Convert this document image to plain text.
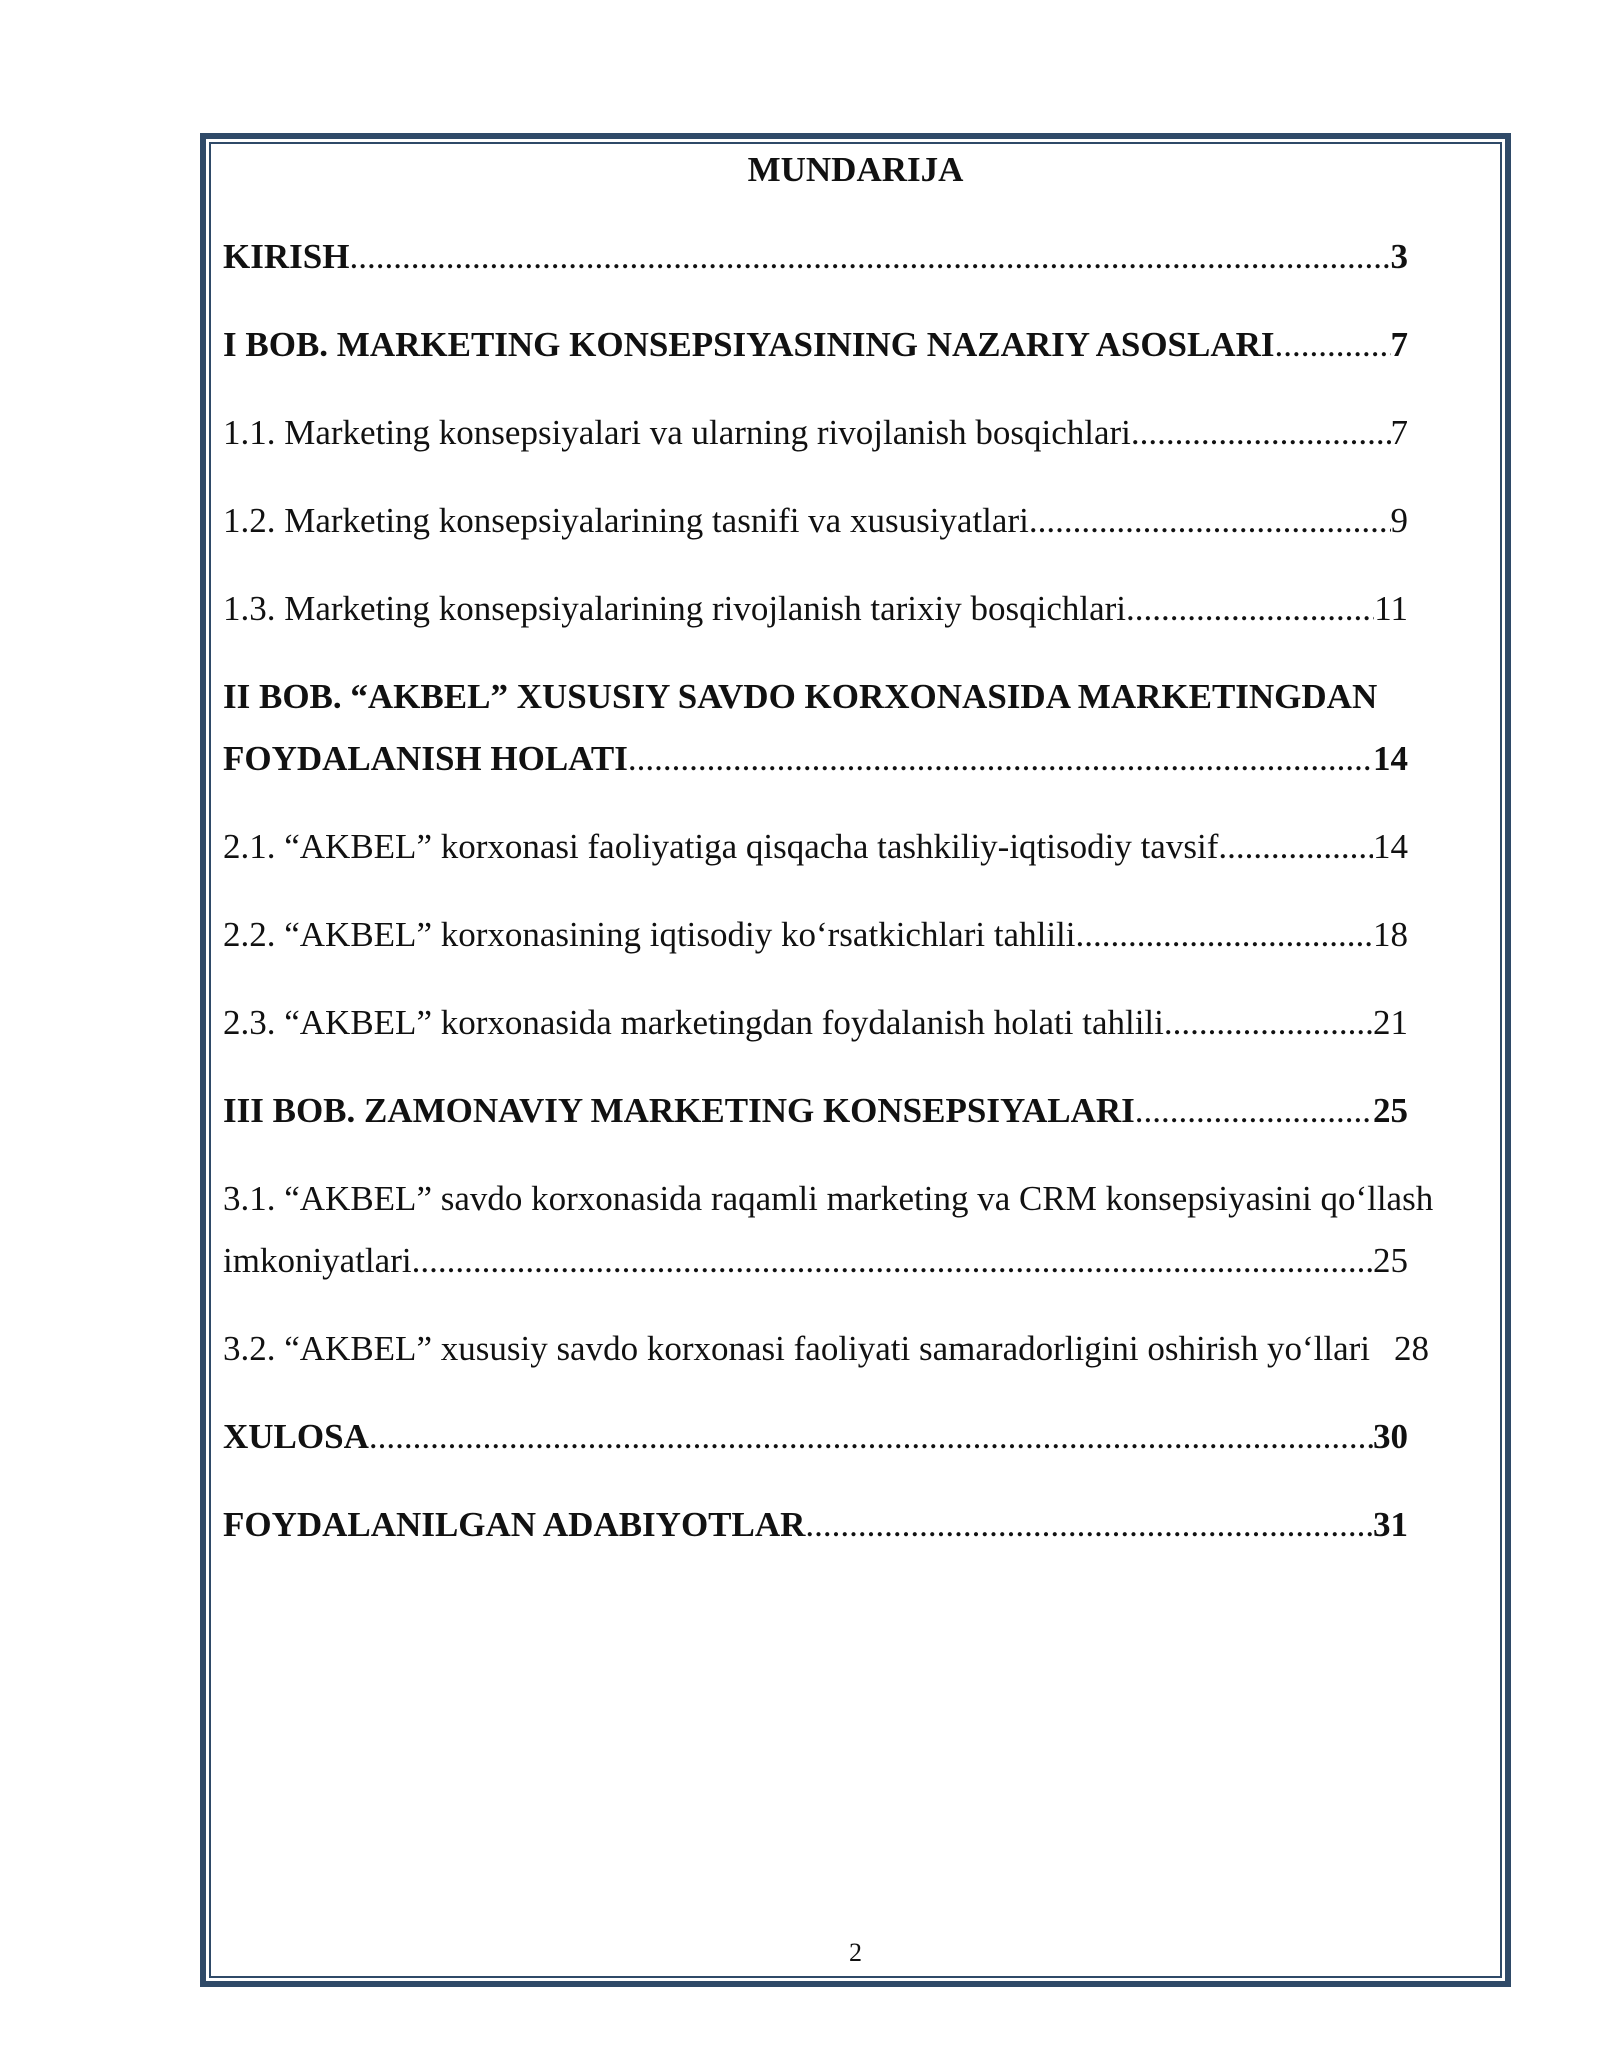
MUNDARIJA
KIRISH .....	3
I BOB. MARKETING KONSEPSIYASINING NAZARIY ASOSLARI .....	7
1.1. Marketing konsepsiyalari va ularning rivojlanish bosqichlari .....	7
1.2. Marketing konsepsiyalarining tasnifi va xususiyatlari .....	9
1.3. Marketing konsepsiyalarining rivojlanish tarixiy bosqichlari .....	11
II BOB. “AKBEL” XUSUSIY SAVDO KORXONASIDA MARKETINGDAN
FOYDALANISH HOLATI .....	14
2.1. “AKBEL” korxonasi faoliyatiga qisqacha tashkiliy-iqtisodiy tavsif .....	14
2.2. “AKBEL” korxonasining iqtisodiy ko‘rsatkichlari tahlili .....	18
2.3. “AKBEL” korxonasida marketingdan foydalanish holati tahlili .....	21
III BOB. ZAMONAVIY MARKETING KONSEPSIYALARI .....	25
3.1. “AKBEL” savdo korxonasida raqamli marketing va CRM konsepsiyasini qo‘llash
imkoniyatlari .....	25
3.2. “AKBEL” xususiy savdo korxonasi faoliyati samaradorligini oshirish yo‘llari 28
XULOSA .....	30
FOYDALANILGAN ADABIYOTLAR .....	31
2
